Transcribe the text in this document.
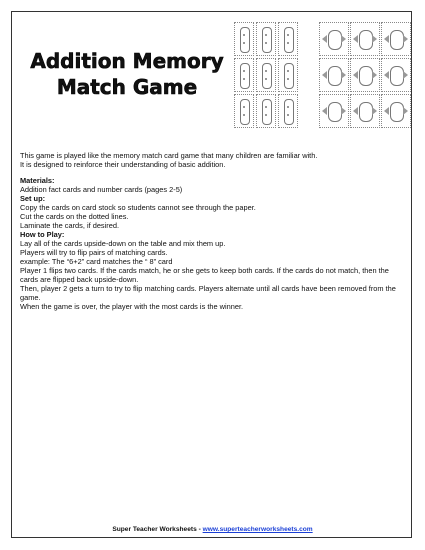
Addition Memory
Match Game

This game is played like the memory match card game that many children are familiar with.

It is designed to reinforce their understanding of basic addition.

Materials:

Addition fact cards and number cards (pages 2-5)

Set up:

Copy the cards on card stock so students cannot see through the paper.

Cut the cards on the dotted lines.

Laminate the cards, if desired.

How to Play:

Lay all of the cards upside-down on the table and mix them up.

Players will try to flip pairs of matching cards.

example: The “6+2” card matches the “ 8” card

Player 1 flips two cards. If the cards match, he or she gets to keep both cards. If the cards do not match, then the cards are flipped back upside-down.

Then, player 2 gets a turn to try to flip matching cards. Players alternate until all cards have been removed from the game.

When the game is over, the player with the most cards is the winner.

Super Teacher Worksheets - www.superteacherworksheets.com
